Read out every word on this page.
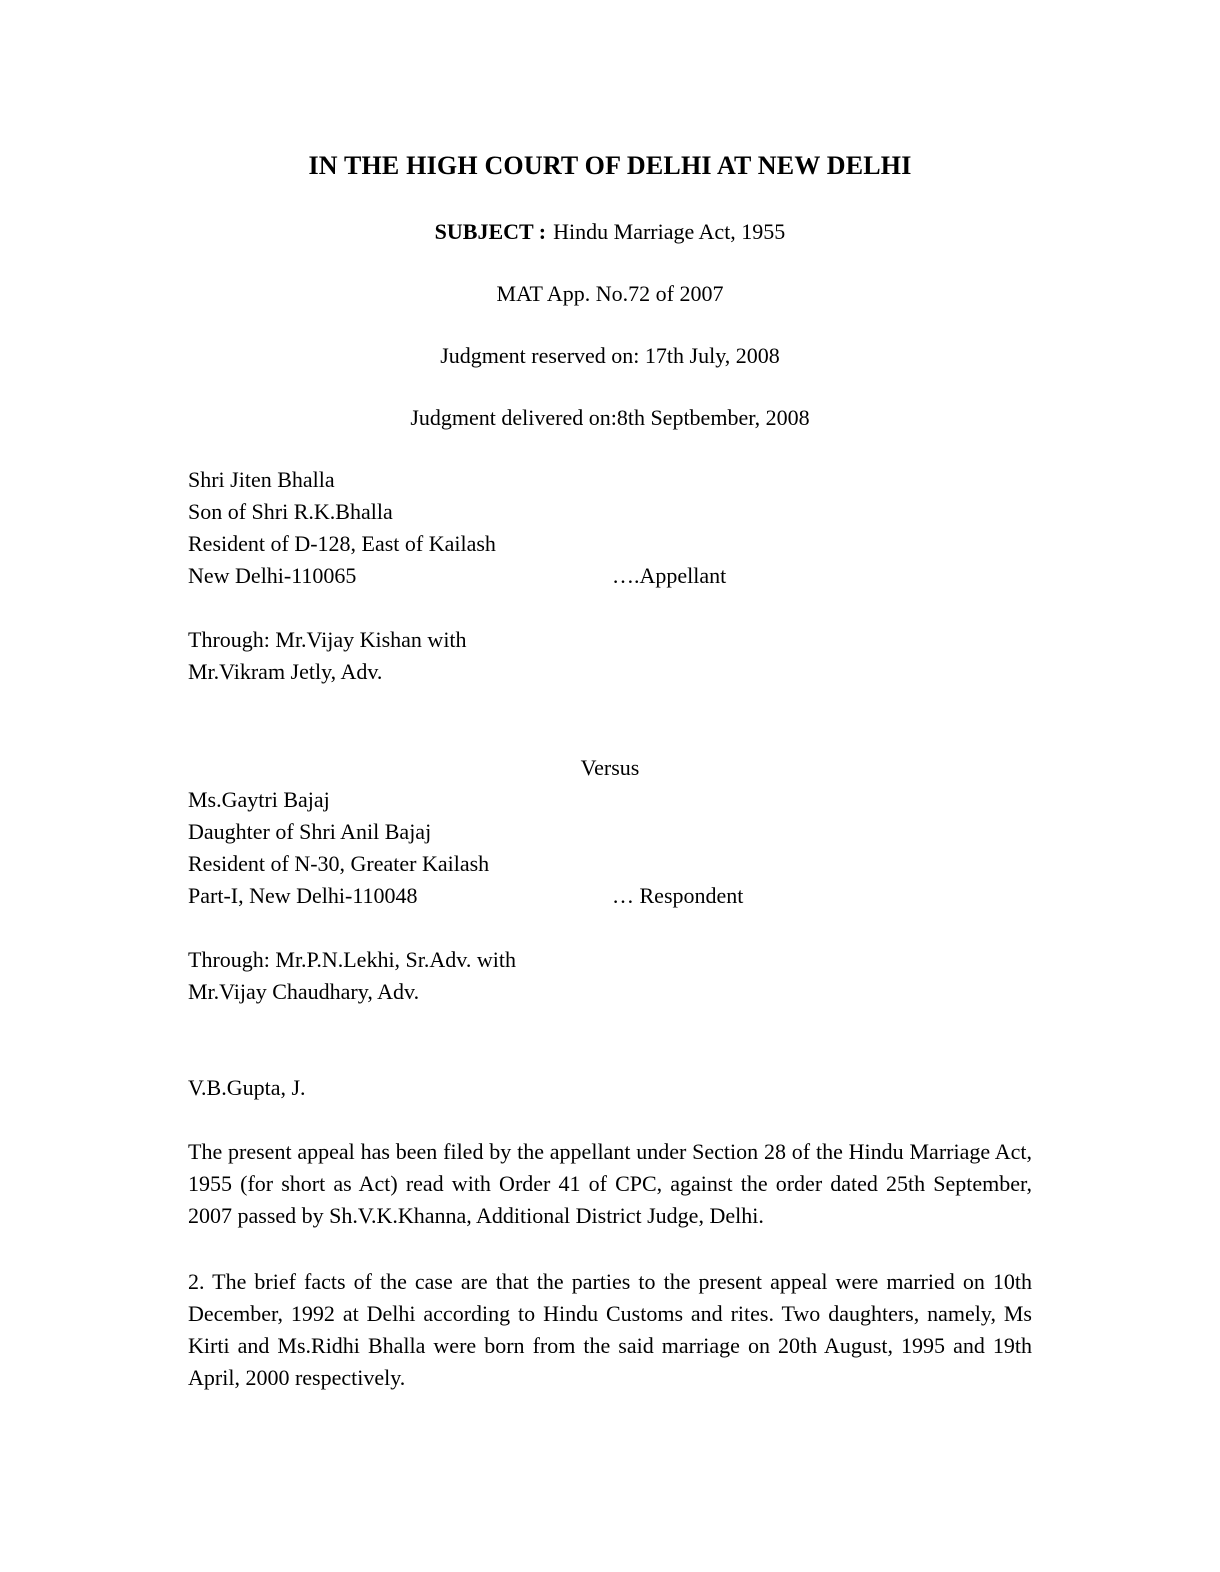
IN THE HIGH COURT OF DELHI AT NEW DELHI
SUBJECT : Hindu Marriage Act, 1955
MAT App. No.72 of 2007
Judgment reserved on: 17th July, 2008
Judgment delivered on:8th Septbember, 2008
Shri Jiten Bhalla
Son of Shri R.K.Bhalla
Resident of D-128, East of Kailash
New Delhi-110065	….Appellant
Through: Mr.Vijay Kishan with
Mr.Vikram Jetly, Adv.
Versus
Ms.Gaytri Bajaj
Daughter of Shri Anil Bajaj
Resident of N-30, Greater Kailash
Part-I, New Delhi-110048	… Respondent
Through: Mr.P.N.Lekhi, Sr.Adv. with
Mr.Vijay Chaudhary, Adv.
V.B.Gupta, J.
The present appeal has been filed by the appellant under Section 28 of the Hindu Marriage Act, 1955 (for short as Act) read with Order 41 of CPC, against the order dated 25th September, 2007 passed by Sh.V.K.Khanna, Additional District Judge, Delhi.
2. The brief facts of the case are that the parties to the present appeal were married on 10th December, 1992 at Delhi according to Hindu Customs and rites. Two daughters, namely, Ms Kirti and Ms.Ridhi Bhalla were born from the said marriage on 20th August, 1995 and 19th April, 2000 respectively.
